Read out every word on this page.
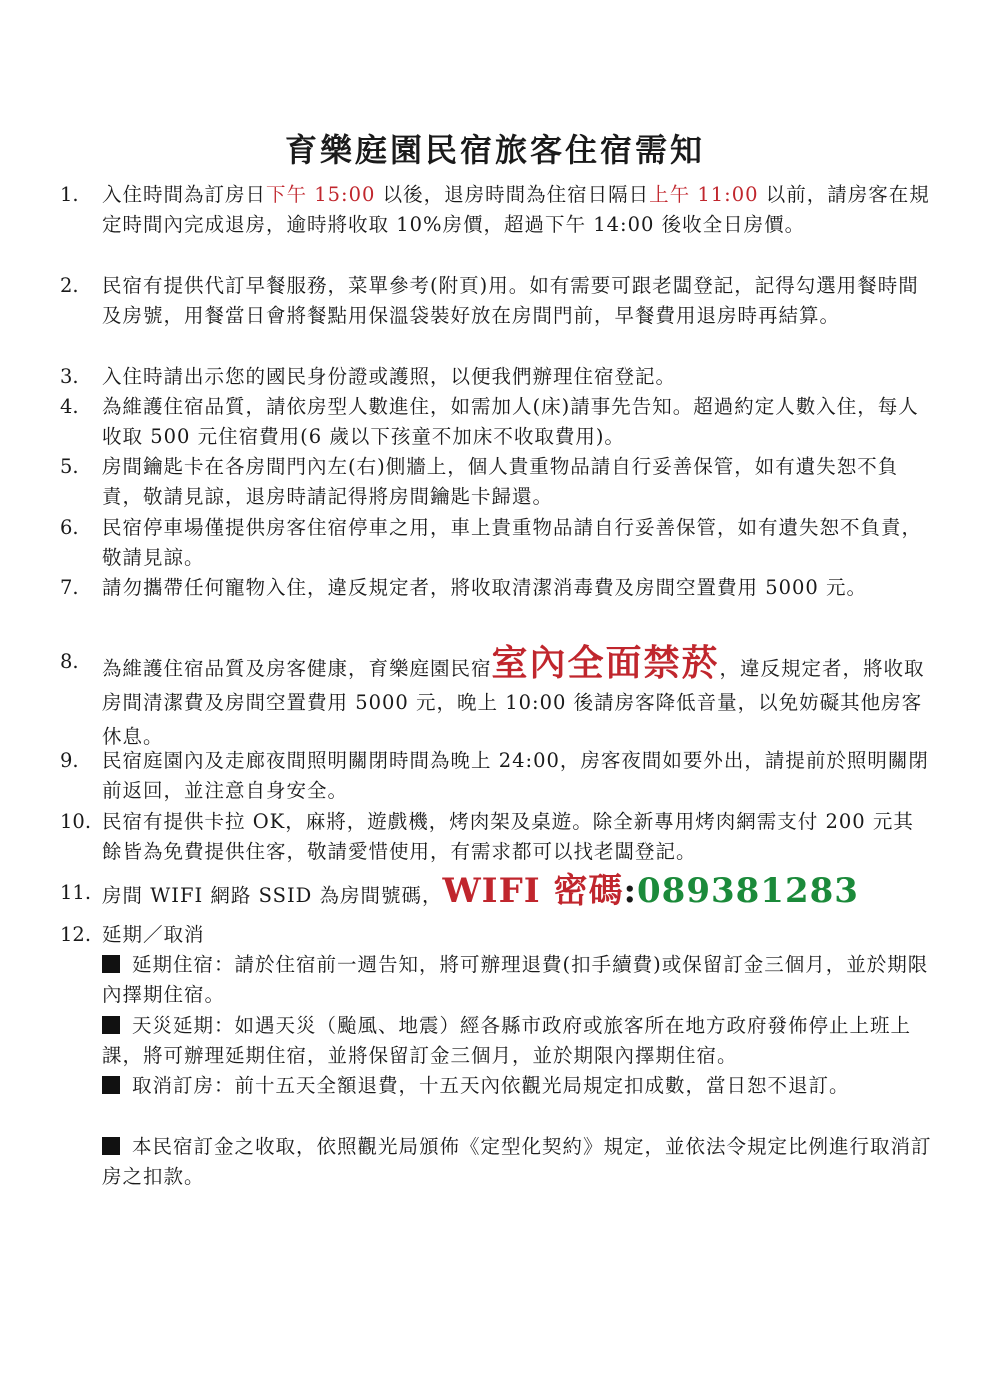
育樂庭園民宿旅客住宿需知
1.	入住時間為訂房日下午 15:00 以後，退房時間為住宿日隔日上午 11:00 以前，請房客在規定時間內完成退房，逾時將收取 10%房價，超過下午 14:00 後收全日房價。
2.	民宿有提供代訂早餐服務，菜單參考(附頁)用。如有需要可跟老闆登記，記得勾選用餐時間及房號，用餐當日會將餐點用保溫袋裝好放在房間門前，早餐費用退房時再結算。
3.	入住時請出示您的國民身份證或護照，以便我們辦理住宿登記。
4.	為維護住宿品質，請依房型人數進住，如需加人(床)請事先告知。超過約定人數入住，每人收取 500 元住宿費用(6 歲以下孩童不加床不收取費用)。
5.	房間鑰匙卡在各房間門內左(右)側牆上，個人貴重物品請自行妥善保管，如有遺失恕不負責，敬請見諒，退房時請記得將房間鑰匙卡歸還。
6.	民宿停車場僅提供房客住宿停車之用，車上貴重物品請自行妥善保管，如有遺失恕不負責，敬請見諒。
7.	請勿攜帶任何寵物入住，違反規定者，將收取清潔消毒費及房間空置費用 5000 元。
8.	為維護住宿品質及房客健康，育樂庭園民宿室內全面禁菸，違反規定者，將收取房間清潔費及房間空置費用 5000 元，晚上 10:00 後請房客降低音量，以免妨礙其他房客休息。
9.	民宿庭園內及走廊夜間照明關閉時間為晚上 24:00，房客夜間如要外出，請提前於照明關閉前返回，並注意自身安全。
10. 民宿有提供卡拉 OK，麻將，遊戲機，烤肉架及桌遊。除全新專用烤肉網需支付 200 元其餘皆為免費提供住客，敬請愛惜使用，有需求都可以找老闆登記。
11. 房間 WIFI 網路 SSID 為房間號碼，WIFI 密碼:089381283
12. 延期／取消
延期住宿：請於住宿前一週告知，將可辦理退費(扣手續費)或保留訂金三個月，並於期限內擇期住宿。
天災延期：如遇天災（颱風、地震）經各縣市政府或旅客所在地方政府發佈停止上班上課，將可辦理延期住宿，並將保留訂金三個月，並於期限內擇期住宿。
取消訂房：前十五天全額退費，十五天內依觀光局規定扣成數，當日恕不退訂。
本民宿訂金之收取，依照觀光局頒佈《定型化契約》規定，並依法令規定比例進行取消訂房之扣款。
